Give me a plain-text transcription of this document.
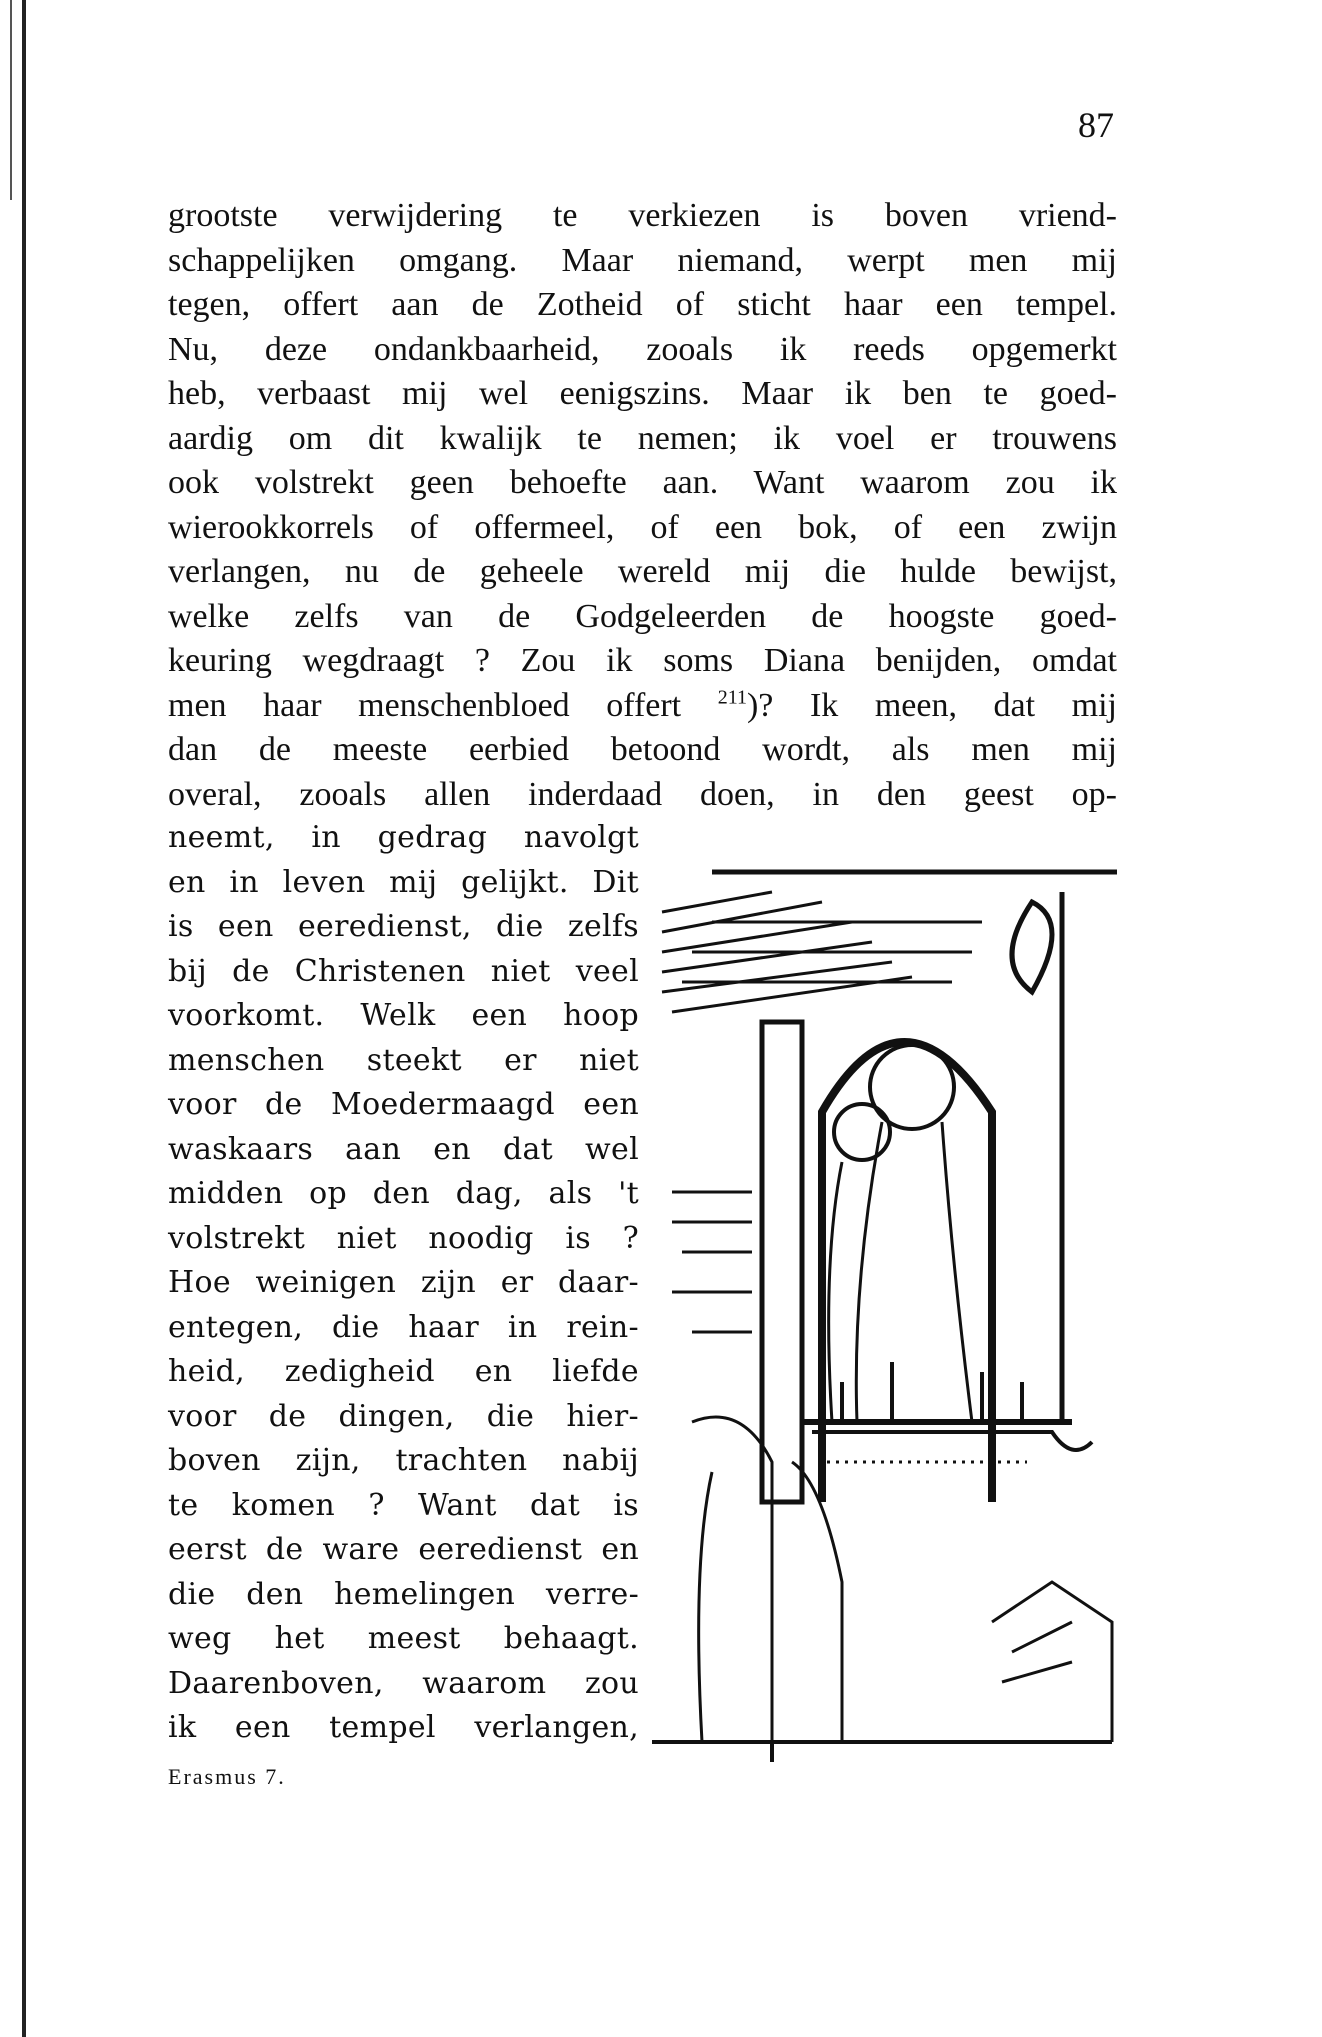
87
grootste verwijdering te verkiezen is boven vriend-
schappelijken omgang. Maar niemand, werpt men mij
tegen, offert aan de Zotheid of sticht haar een tempel.
Nu, deze ondankbaarheid, zooals ik reeds opgemerkt
heb, verbaast mij wel eenigszins. Maar ik ben te goed-
aardig om dit kwalijk te nemen; ik voel er trouwens
ook volstrekt geen behoefte aan. Want waarom zou ik
wierookkorrels of offermeel, of een bok, of een zwijn
verlangen, nu de geheele wereld mij die hulde bewijst,
welke zelfs van de Godgeleerden de hoogste goed-
keuring wegdraagt ? Zou ik soms Diana benijden, omdat
men haar menschenbloed offert $^{211}$)? Ik meen, dat mij
dan de meeste eerbied betoond wordt, als men mij
overal, zooals allen inderdaad doen, in den geest op-
neemt, in gedrag navolgt
en in leven mij gelijkt. Dit
is een eeredienst, die zelfs
bij de Christenen niet veel
voorkomt. Welk een hoop
menschen steekt er niet
voor de Moedermaagd een
waskaars aan en dat wel
midden op den dag, als 't
volstrekt niet noodig is ?
Hoe weinigen zijn er daar-
entegen, die haar in rein-
heid, zedigheid en liefde
voor de dingen, die hier-
boven zijn, trachten nabij
te komen ? Want dat is
eerst de ware eeredienst en
die den hemelingen verre-
weg het meest behaagt.
Daarenboven, waarom zou
ik een tempel verlangen,
Erasmus 7.
